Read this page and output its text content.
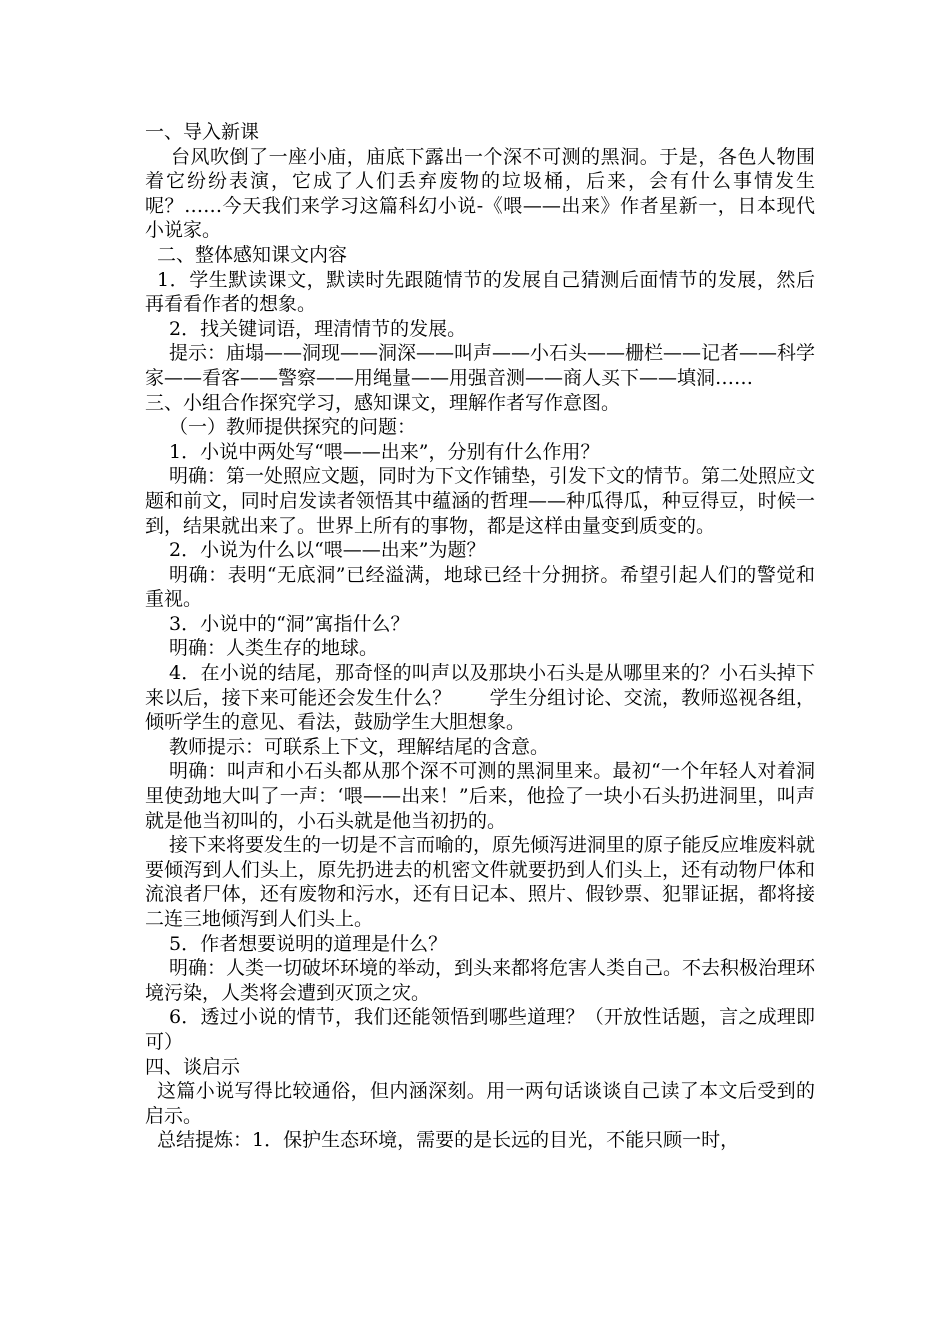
一、导入新课

台风吹倒了一座小庙，庙底下露出一个深不可测的黑洞。于是，各色人物围着它纷纷表演，它成了人们丢弃废物的垃圾桶，后来，会有什么事情发生呢？……今天我们来学习这篇科幻小说-《喂——出来》作者星新一，日本现代小说家。

二、整体感知课文内容

1．学生默读课文，默读时先跟随情节的发展自己猜测后面情节的发展，然后再看看作者的想象。

2．找关键词语，理清情节的发展。

提示：庙塌——洞现——洞深——叫声——小石头——栅栏——记者——科学家——看客——警察——用绳量——用强音测——商人买下——填洞……

三、小组合作探究学习，感知课文，理解作者写作意图。

（一）教师提供探究的问题：

1．小说中两处写“喂——出来”，分别有什么作用？

明确：第一处照应文题，同时为下文作铺垫，引发下文的情节。第二处照应文题和前文，同时启发读者领悟其中蕴涵的哲理——种瓜得瓜，种豆得豆，时候一到，结果就出来了。世界上所有的事物，都是这样由量变到质变的。

2．小说为什么以“喂——出来”为题？

明确：表明“无底洞”已经溢满，地球已经十分拥挤。希望引起人们的警觉和重视。

3．小说中的“洞”寓指什么？

明确：人类生存的地球。

4．在小说的结尾，那奇怪的叫声以及那块小石头是从哪里来的？小石头掉下来以后，接下来可能还会发生什么？　　学生分组讨论、交流，教师巡视各组，倾听学生的意见、看法，鼓励学生大胆想象。

教师提示：可联系上下文，理解结尾的含意。

明确：叫声和小石头都从那个深不可测的黑洞里来。最初“一个年轻人对着洞里使劲地大叫了一声：‘喂——出来！”后来，他捡了一块小石头扔进洞里，叫声就是他当初叫的，小石头就是他当初扔的。

接下来将要发生的一切是不言而喻的，原先倾泻进洞里的原子能反应堆废料就要倾泻到人们头上，原先扔进去的机密文件就要扔到人们头上，还有动物尸体和流浪者尸体，还有废物和污水，还有日记本、照片、假钞票、犯罪证据，都将接二连三地倾泻到人们头上。

5．作者想要说明的道理是什么？

明确：人类一切破坏环境的举动，到头来都将危害人类自己。不去积极治理环境污染，人类将会遭到灭顶之灾。

6．透过小说的情节，我们还能领悟到哪些道理？（开放性话题，言之成理即可）

四、谈启示

这篇小说写得比较通俗，但内涵深刻。用一两句话谈谈自己读了本文后受到的启示。

总结提炼：1．保护生态环境，需要的是长远的目光，不能只顾一时，
